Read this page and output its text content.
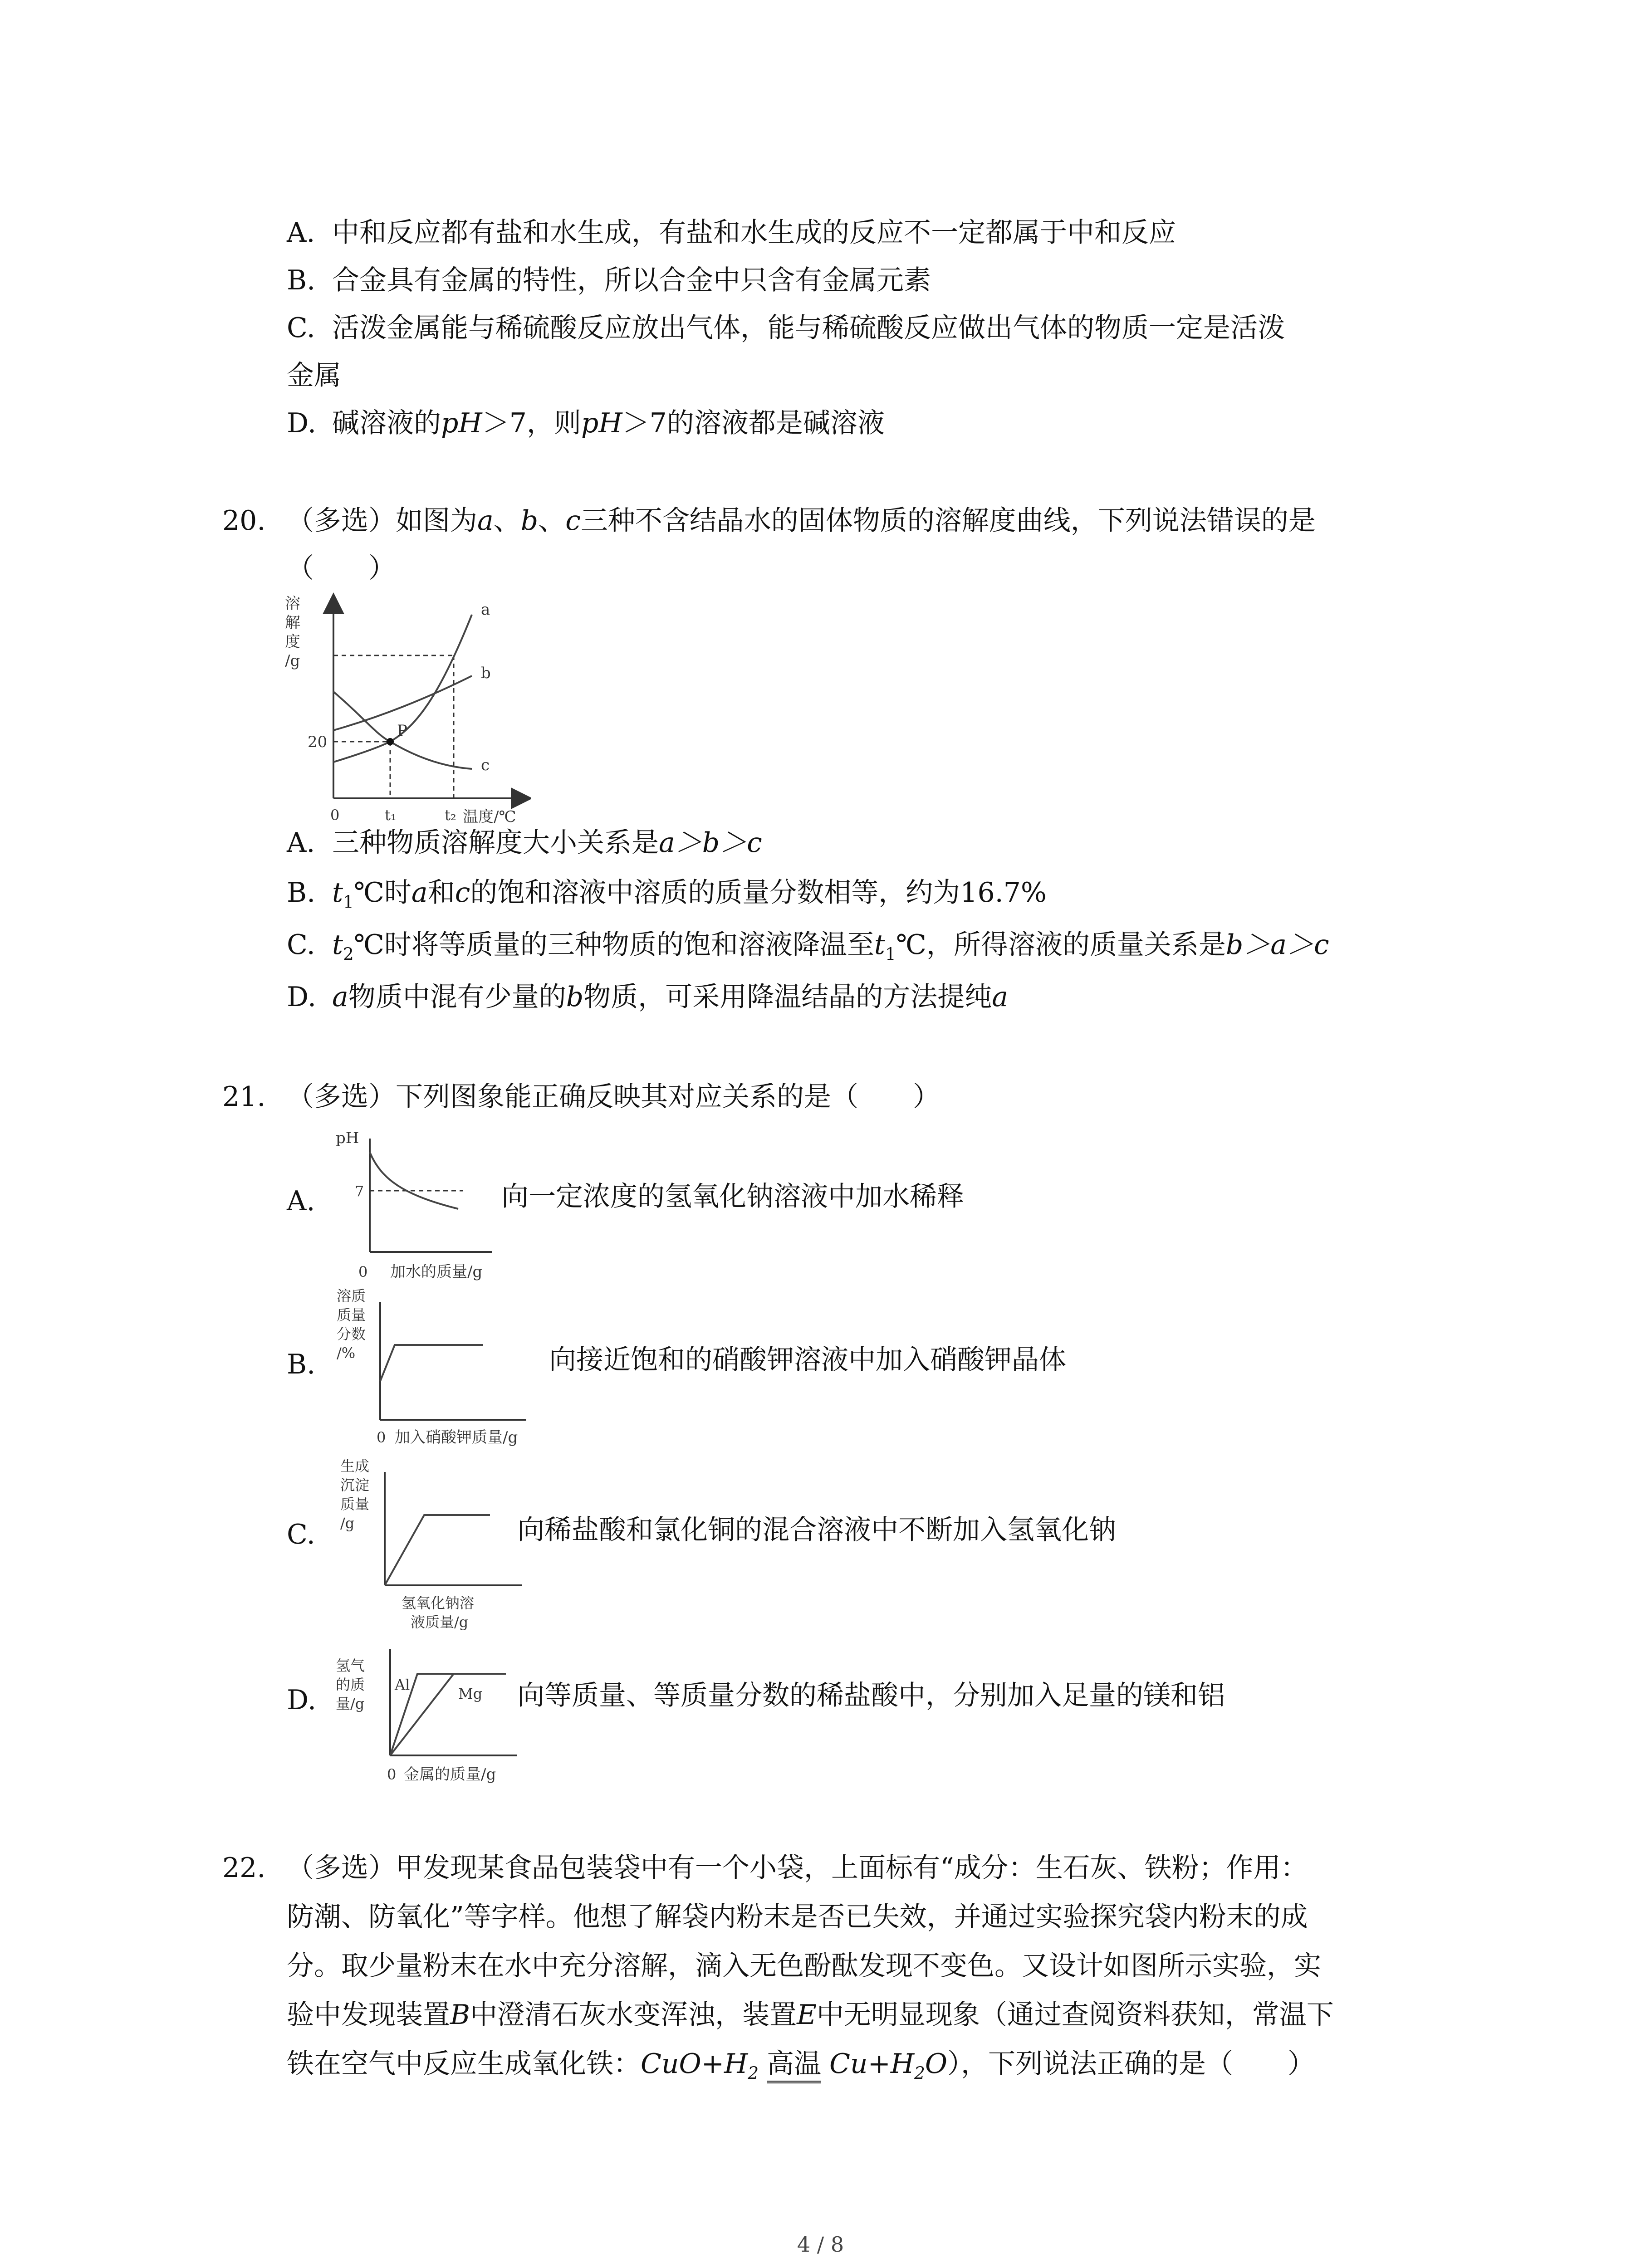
A. 中和反应都有盐和水生成，有盐和水生成的反应不一定都属于中和反应
B. 合金具有金属的特性，所以合金中只含有金属元素
C. 活泼金属能与稀硫酸反应放出气体，能与稀硫酸反应做出气体的物质一定是活泼
金属
D. 碱溶液的pH＞7，则pH＞7的溶液都是碱溶液
20. （多选）如图为a、b、c三种不含结晶水的固体物质的溶解度曲线，下列说法错误的是
（　　）
溶
解
度
/g
a
b
c
P
20
0	t₁	t₂ 温度/℃
A. 三种物质溶解度大小关系是a＞b＞c
B. $t_1℃$时a和c的饱和溶液中溶质的质量分数相等，约为16.7%
C. $t_2℃$时将等质量的三种物质的饱和溶液降温至$t_1℃$，所得溶液的质量关系是b＞a＞c
D. a物质中混有少量的b物质，可采用降温结晶的方法提纯a
21. （多选）下列图象能正确反映其对应关系的是（　　）
A.
pH
7
0 加水的质量/g
向一定浓度的氢氧化钠溶液中加水稀释
B.
溶质
质量
分数
/%
0 加入硝酸钾质量/g
向接近饱和的硝酸钾溶液中加入硝酸钾晶体
C.
生成
沉淀
质量
/g
氢氧化钠溶
液质量/g
向稀盐酸和氯化铜的混合溶液中不断加入氢氧化钠
D.
氢气
的质
量/g
Al
Mg
0 金属的质量/g
向等质量、等质量分数的稀盐酸中，分别加入足量的镁和铝
22. （多选）甲发现某食品包装袋中有一个小袋，上面标有“成分：生石灰、铁粉；作用：
防潮、防氧化”等字样。他想了解袋内粉末是否已失效，并通过实验探究袋内粉末的成
分。取少量粉末在水中充分溶解，滴入无色酚酞发现不变色。又设计如图所示实验，实
验中发现装置B中澄清石灰水变浑浊，装置E中无明显现象（通过查阅资料获知，常温下
铁在空气中反应生成氧化铁：$CuO+H_2$ 高温 $Cu+H_2O$），下列说法正确的是（　　）
4 / 8
